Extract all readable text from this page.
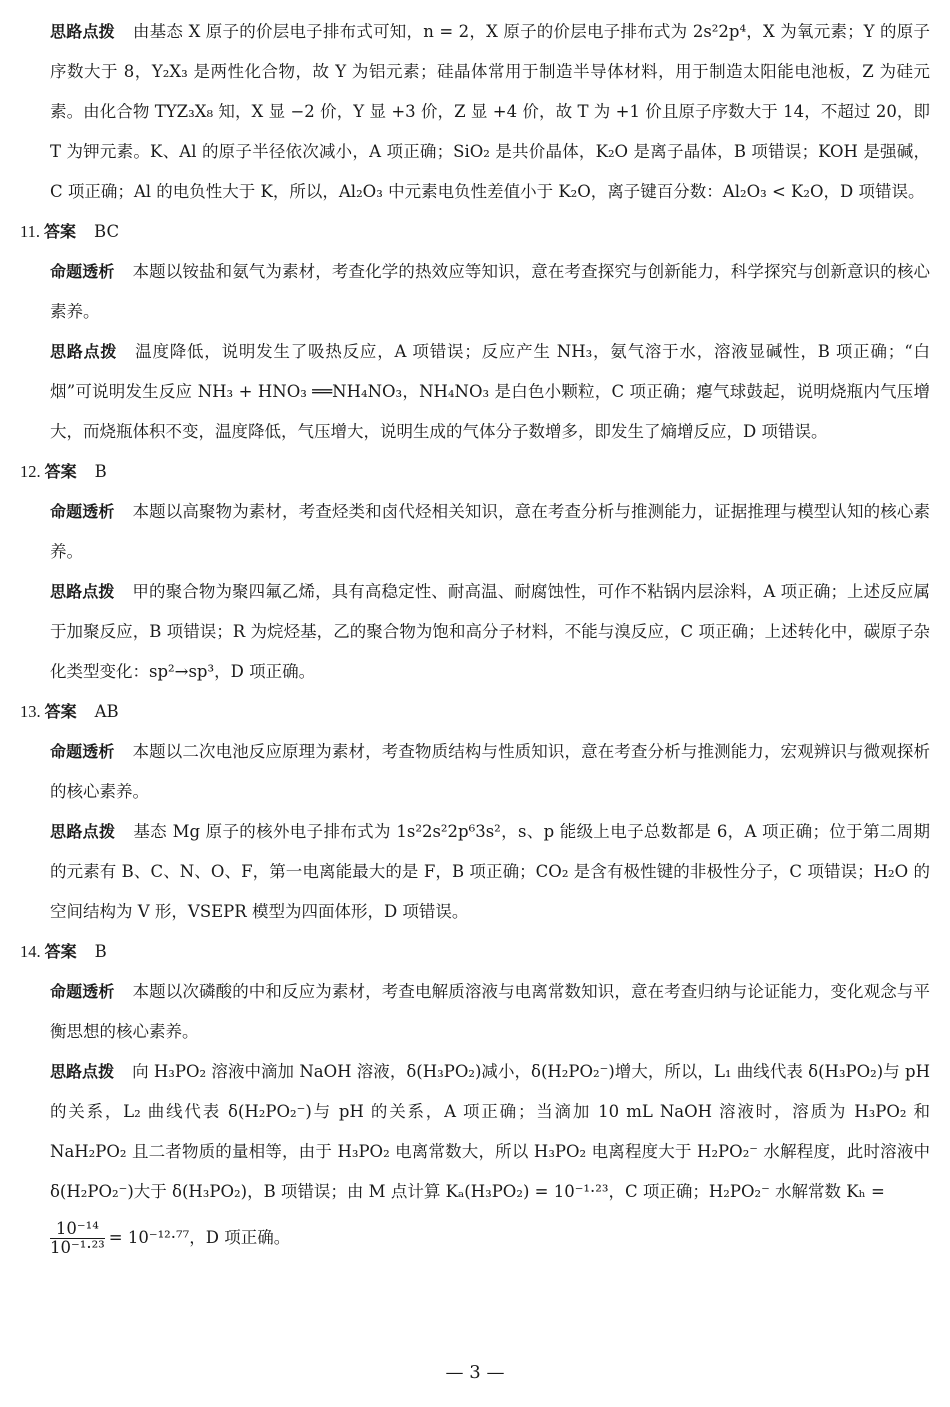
思路点拨 由基态 X 原子的价层电子排布式可知，n = 2，X 原子的价层电子排布式为 2s²2p⁴，X 为氧元素；Y 的原子序数大于 8，Y₂X₃ 是两性化合物，故 Y 为铝元素；硅晶体常用于制造半导体材料，用于制造太阳能电池板，Z 为硅元素。由化合物 TYZ₃X₈ 知，X 显 −2 价，Y 显 +3 价，Z 显 +4 价，故 T 为 +1 价且原子序数大于 14，不超过 20，即 T 为钾元素。K、Al 的原子半径依次减小，A 项正确；SiO₂ 是共价晶体，K₂O 是离子晶体，B 项错误；KOH 是强碱，C 项正确；Al 的电负性大于 K，所以，Al₂O₃ 中元素电负性差值小于 K₂O，离子键百分数：Al₂O₃ < K₂O，D 项错误。

11. 答案 BC

命题透析 本题以铵盐和氨气为素材，考查化学的热效应等知识，意在考查探究与创新能力，科学探究与创新意识的核心素养。

思路点拨 温度降低，说明发生了吸热反应，A 项错误；反应产生 NH₃，氨气溶于水，溶液显碱性，B 项正确；“白烟”可说明发生反应 NH₃ + HNO₃ ══NH₄NO₃，NH₄NO₃ 是白色小颗粒，C 项正确；瘪气球鼓起，说明烧瓶内气压增大，而烧瓶体积不变，温度降低，气压增大，说明生成的气体分子数增多，即发生了熵增反应，D 项错误。

12. 答案 B

命题透析 本题以高聚物为素材，考查烃类和卤代烃相关知识，意在考查分析与推测能力，证据推理与模型认知的核心素养。

思路点拨 甲的聚合物为聚四氟乙烯，具有高稳定性、耐高温、耐腐蚀性，可作不粘锅内层涂料，A 项正确；上述反应属于加聚反应，B 项错误；R 为烷烃基，乙的聚合物为饱和高分子材料，不能与溴反应，C 项正确；上述转化中，碳原子杂化类型变化：sp²→sp³，D 项正确。

13. 答案 AB

命题透析 本题以二次电池反应原理为素材，考查物质结构与性质知识，意在考查分析与推测能力，宏观辨识与微观探析的核心素养。

思路点拨 基态 Mg 原子的核外电子排布式为 1s²2s²2p⁶3s²，s、p 能级上电子总数都是 6，A 项正确；位于第二周期的元素有 B、C、N、O、F，第一电离能最大的是 F，B 项正确；CO₂ 是含有极性键的非极性分子，C 项错误；H₂O 的空间结构为 V 形，VSEPR 模型为四面体形，D 项错误。

14. 答案 B

命题透析 本题以次磷酸的中和反应为素材，考查电解质溶液与电离常数知识，意在考查归纳与论证能力，变化观念与平衡思想的核心素养。

思路点拨 向 H₃PO₂ 溶液中滴加 NaOH 溶液，δ(H₃PO₂)减小，δ(H₂PO₂⁻)增大，所以，L₁ 曲线代表 δ(H₃PO₂)与 pH 的关系，L₂ 曲线代表 δ(H₂PO₂⁻)与 pH 的关系，A 项正确；当滴加 10 mL NaOH 溶液时，溶质为 H₃PO₂ 和 NaH₂PO₂ 且二者物质的量相等，由于 H₃PO₂ 电离常数大，所以 H₃PO₂ 电离程度大于 H₂PO₂⁻ 水解程度，此时溶液中δ(H₂PO₂⁻)大于 δ(H₃PO₂)，B 项错误；由 M 点计算 Kₐ(H₃PO₂) = 10⁻¹·²³，C 项正确；H₂PO₂⁻ 水解常数 Kₕ =

$\frac{\text{10⁻¹⁴}}{\text{10⁻¹·²³}} = 10^{-12}\cdot^{77}$，D 项正确。

— 3 —
